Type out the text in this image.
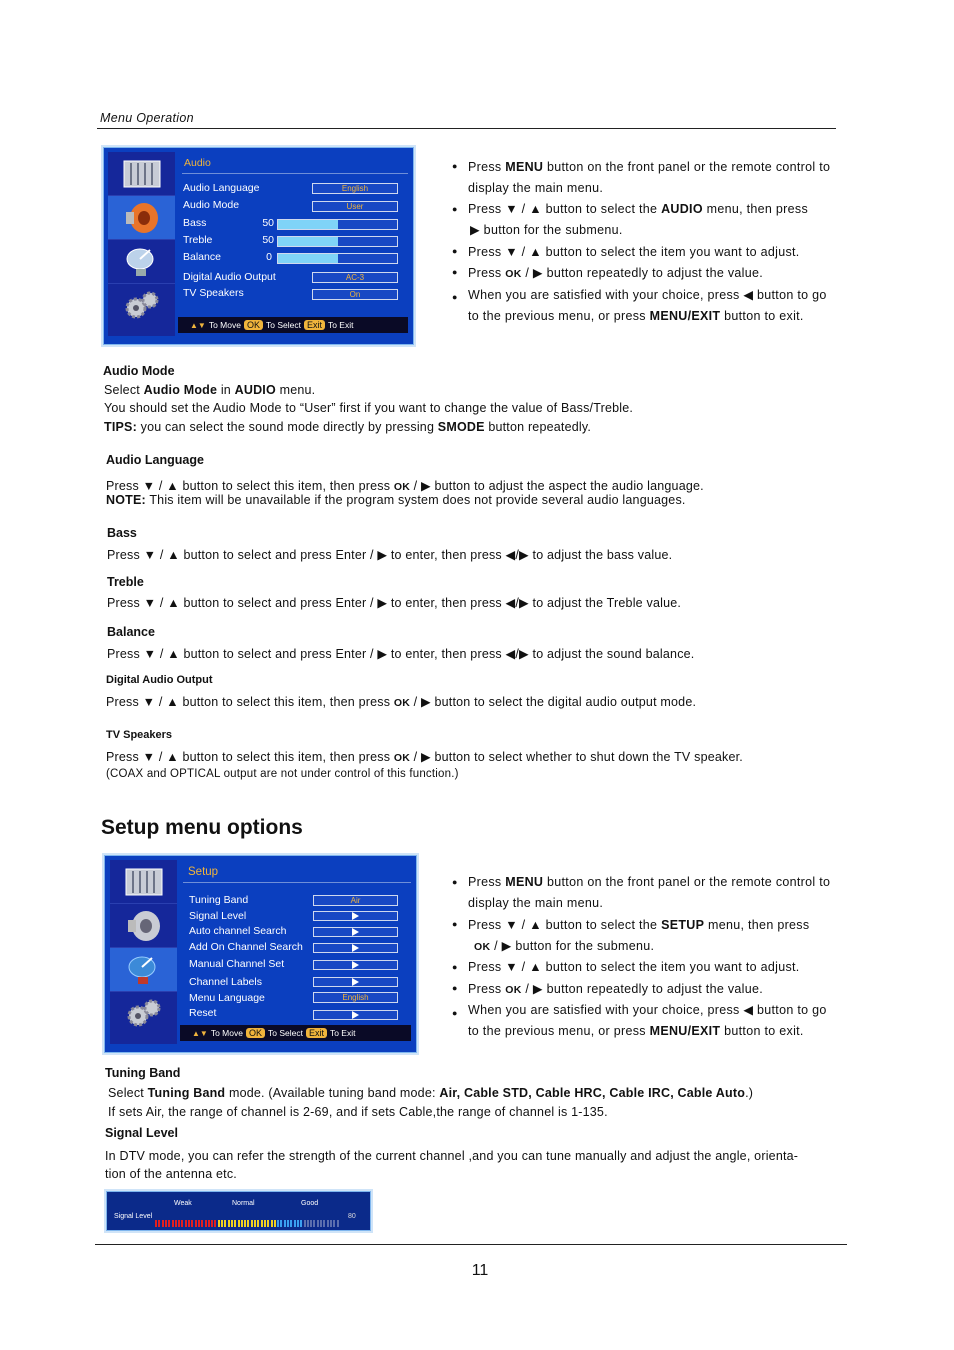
Menu Operation
Audio
Audio Language	English
Audio Mode	User
Bass	50
Treble	50
Balance	0
Digital Audio Output	AC-3
TV Speakers	On
▲▼ To Move OK To Select Exit To Exit
● Press MENU button on the front panel or the remote control to
display the main menu.
● Press ▼ / ▲ button to select the AUDIO menu, then press
▶ button for the submenu.
● Press ▼ / ▲ button to select the item you want to adjust.
● Press OK / ▶ button repeatedly to adjust the value.
● When you are satisfied with your choice, press ◀ button to go
to the previous menu, or press MENU/EXIT button to exit.
Audio Mode
Select Audio Mode in AUDIO menu.
You should set the Audio Mode to “User” first if you want to change the value of Bass/Treble.
TIPS: you can select the sound mode directly by pressing SMODE button repeatedly.
Audio Language
Press ▼ / ▲ button to select this item, then press OK / ▶ button to adjust the aspect the audio language.
NOTE: This item will be unavailable if the program system does not provide several audio languages.
Bass
Press ▼ / ▲ button to select and press Enter / ▶ to enter, then press ◀/▶ to adjust the bass value.
Treble
Press ▼ / ▲ button to select and press Enter / ▶ to enter, then press ◀/▶ to adjust the Treble value.
Balance
Press ▼ / ▲ button to select and press Enter / ▶ to enter, then press ◀/▶ to adjust the sound balance.
Digital Audio Output
Press ▼ / ▲ button to select this item, then press OK / ▶ button to select the digital audio output mode.
TV Speakers
Press ▼ / ▲ button to select this item, then press OK / ▶ button to select whether to shut down the TV speaker.
(COAX and OPTICAL output are not under control of this function.)
Setup menu options
Setup
Tuning Band	Air
Signal Level
Auto channel Search
Add On Channel Search
Manual Channel Set
Channel Labels
Menu Language	English
Reset
▲▼ To Move OK To Select Exit To Exit
● Press MENU button on the front panel or the remote control to
display the main menu.
● Press ▼ / ▲ button to select the SETUP menu, then press
OK / ▶ button for the submenu.
● Press ▼ / ▲ button to select the item you want to adjust.
● Press OK / ▶ button repeatedly to adjust the value.
● When you are satisfied with your choice, press ◀ button to go
to the previous menu, or press MENU/EXIT button to exit.
Tuning Band
Select Tuning Band mode. (Available tuning band mode: Air, Cable STD, Cable HRC, Cable IRC, Cable Auto.)
If sets Air, the range of channel is 2-69, and if sets Cable,the range of channel is 1-135.
Signal Level
In DTV mode, you can refer the strength of the current channel ,and you can tune manually and adjust the angle, orienta-
tion of the antenna etc.
Weak	Normal	Good
Signal Level	80
11
